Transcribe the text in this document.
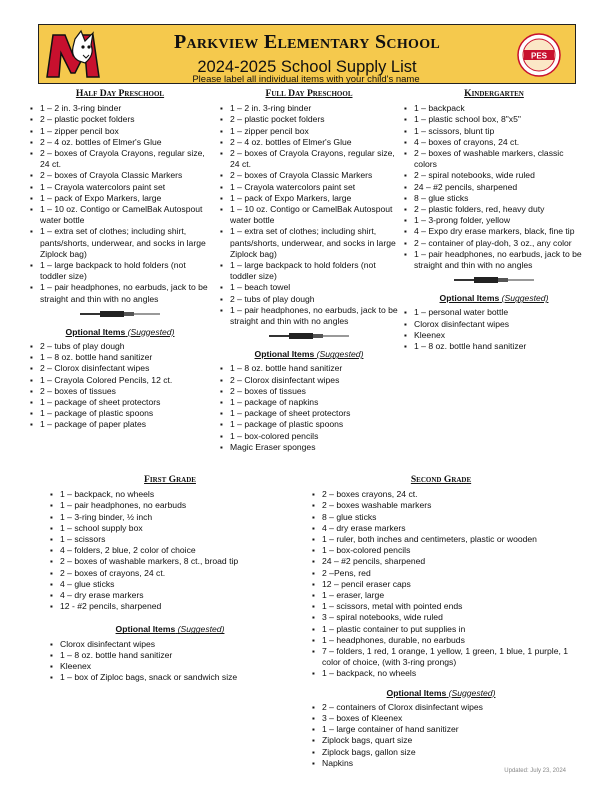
Parkview Elementary School
2024-2025 School Supply List
PES
Please label all individual items with your child's name
Half Day Preschool
▪ 1 – 2 in. 3-ring binder
▪ 2 – plastic pocket folders
▪ 1 – zipper pencil box
▪ 2 – 4 oz. bottles of Elmer's Glue
▪ 2 – boxes of Crayola Crayons, regular size, 24 ct.
▪ 2 – boxes of Crayola Classic Markers
▪ 1 – Crayola watercolors paint set
▪ 1 – pack of Expo Markers, large
▪ 1 – 10 oz. Contigo or CamelBak Autospout water bottle
▪ 1 – extra set of clothes; including shirt, pants/shorts, underwear, and socks in large Ziplock bag)
▪ 1 – large backpack to hold folders (not toddler size)
▪ 1 – pair headphones, no earbuds, jack to be straight and thin with no angles
Optional Items (Suggested)
▪ 2 – tubs of play dough
▪ 1 – 8 oz. bottle hand sanitizer
▪ 2 – Clorox disinfectant wipes
▪ 1 – Crayola Colored Pencils, 12 ct.
▪ 2 – boxes of tissues
▪ 1 – package of sheet protectors
▪ 1 – package of plastic spoons
▪ 1 – package of paper plates
Full Day Preschool
▪ 1 – 2 in. 3-ring binder
▪ 2 – plastic pocket folders
▪ 1 – zipper pencil box
▪ 2 – 4 oz. bottles of Elmer's Glue
▪ 2 – boxes of Crayola Crayons, regular size, 24 ct.
▪ 2 – boxes of Crayola Classic Markers
▪ 1 – Crayola watercolors paint set
▪ 1 – pack of Expo Markers, large
▪ 1 – 10 oz. Contigo or CamelBak Autospout water bottle
▪ 1 – extra set of clothes; including shirt, pants/shorts, underwear, and socks in large Ziplock bag)
▪ 1 – large backpack to hold folders (not toddler size)
▪ 1 – beach towel
▪ 2 – tubs of play dough
▪ 1 – pair headphones, no earbuds, jack to be straight and thin with no angles
Optional Items (Suggested)
▪ 1 – 8 oz. bottle hand sanitizer
▪ 2 – Clorox disinfectant wipes
▪ 2 – boxes of tissues
▪ 1 – package of napkins
▪ 1 – package of sheet protectors
▪ 1 – package of plastic spoons
▪ 1 – box-colored pencils
▪ Magic Eraser sponges
Kindergarten
▪ 1 – backpack
▪ 1 – plastic school box, 8"x5"
▪ 1 – scissors, blunt tip
▪ 4 – boxes of crayons, 24 ct.
▪ 2 – boxes of washable markers, classic colors
▪ 2 – spiral notebooks, wide ruled
▪ 24 – #2 pencils, sharpened
▪ 8 – glue sticks
▪ 2 – plastic folders, red, heavy duty
▪ 1 – 3-prong folder, yellow
▪ 4 – Expo dry erase markers, black, fine tip
▪ 2 – container of play-doh, 3 oz., any color
▪ 1 – pair headphones, no earbuds, jack to be straight and thin with no angles
Optional Items (Suggested)
▪ 1 – personal water bottle
▪ Clorox disinfectant wipes
▪ Kleenex
▪ 1 – 8 oz. bottle hand sanitizer
First Grade
▪ 1 – backpack, no wheels
▪ 1 – pair headphones, no earbuds
▪ 1 – 3-ring binder, ½ inch
▪ 1 – school supply box
▪ 1 – scissors
▪ 4 – folders, 2 blue, 2 color of choice
▪ 2 – boxes of washable markers, 8 ct., broad tip
▪ 2 – boxes of crayons, 24 ct.
▪ 4 – glue sticks
▪ 4 – dry erase markers
▪ 12 - #2 pencils, sharpened
Optional Items (Suggested)
▪ Clorox disinfectant wipes
▪ 1 – 8 oz. bottle hand sanitizer
▪ Kleenex
▪ 1 – box of Ziploc bags, snack or sandwich size
Second Grade
▪ 2 – boxes crayons, 24 ct.
▪ 2 – boxes washable markers
▪ 8 – glue sticks
▪ 4 – dry erase markers
▪ 1 – ruler, both inches and centimeters, plastic or wooden
▪ 1 – box-colored pencils
▪ 24 – #2 pencils, sharpened
▪ 2 –Pens, red
▪ 12 – pencil eraser caps
▪ 1 – eraser, large
▪ 1 – scissors, metal with pointed ends
▪ 3 – spiral notebooks, wide ruled
▪ 1 – plastic container to put supplies in
▪ 1 – headphones, durable, no earbuds
▪ 7 – folders, 1 red, 1 orange, 1 yellow, 1 green, 1 blue, 1 purple, 1 color of choice, (with 3-ring prongs)
▪ 1 – backpack, no wheels
Optional Items (Suggested)
▪ 2 – containers of Clorox disinfectant wipes
▪ 3 – boxes of Kleenex
▪ 1 – large container of hand sanitizer
▪ Ziplock bags, quart size
▪ Ziplock bags, gallon size
▪ Napkins
Updated: July 23, 2024
